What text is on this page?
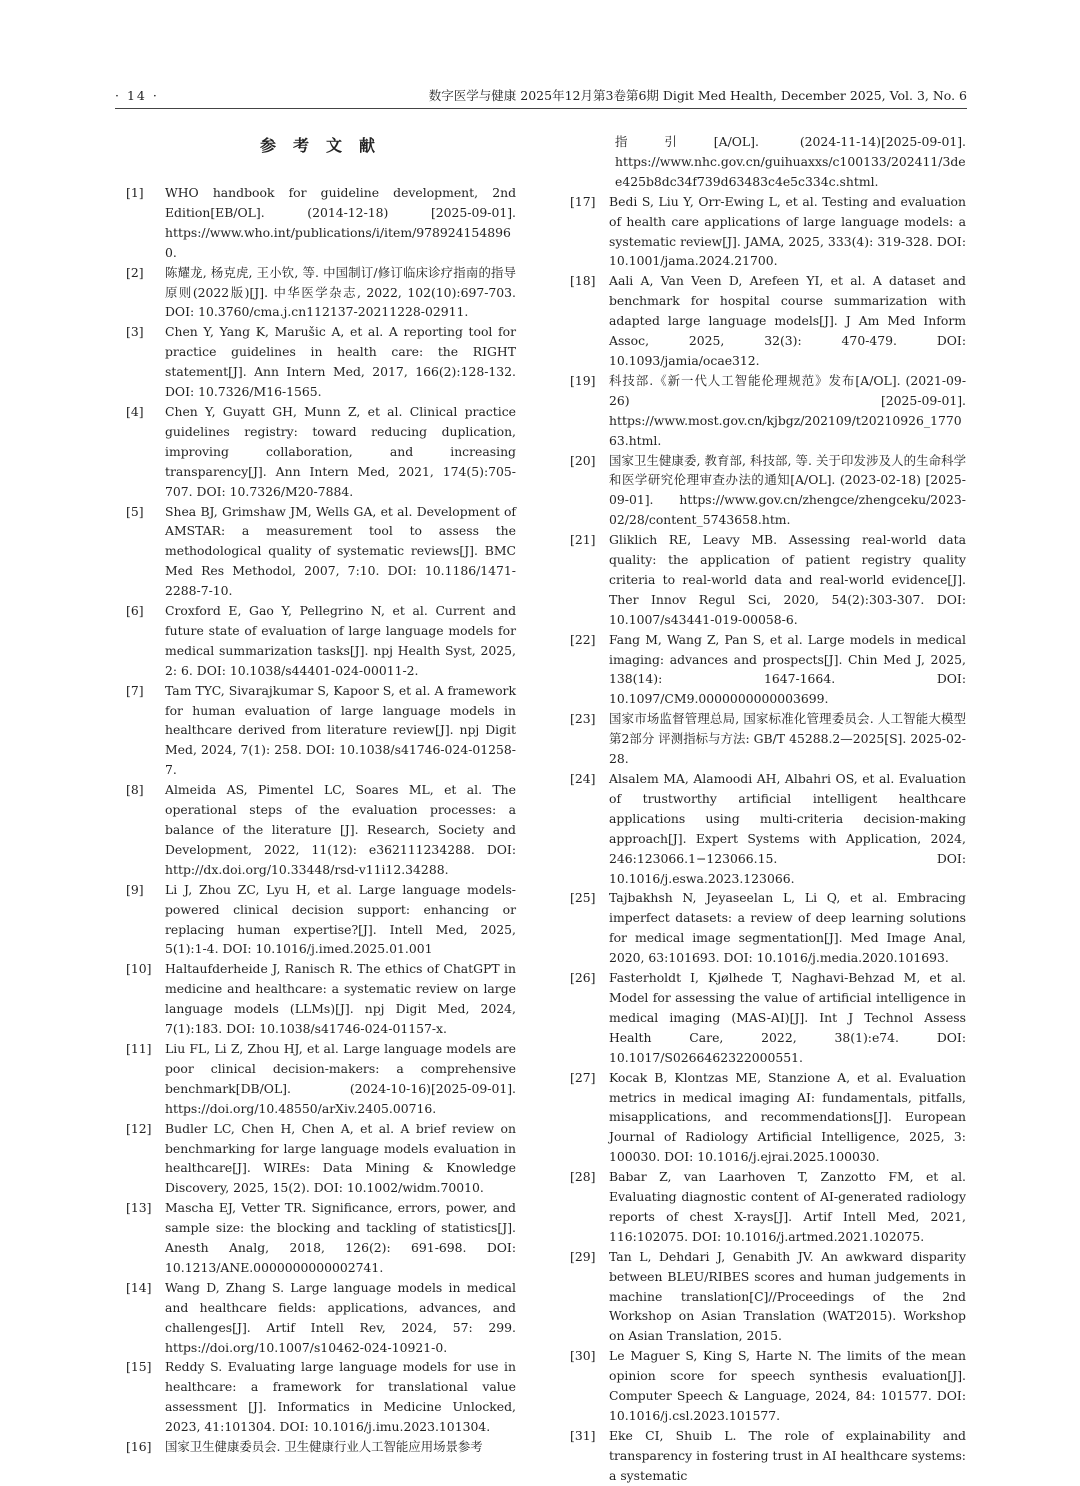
· 14 ·	数字医学与健康 2025年12月第3卷第6期 Digit Med Health, December 2025, Vol. 3, No. 6
参考文献
[1]	WHO handbook for guideline development, 2nd Edition[EB/OL]. (2014-12-18) [2025-09-01]. https://www.who.int/publications/i/item/9789241548960.
[2]	陈耀龙, 杨克虎, 王小钦, 等. 中国制订/修订临床诊疗指南的指导原则(2022版)[J]. 中华医学杂志, 2022, 102(10):697-703. DOI: 10.3760/cma.j.cn112137-20211228-02911.
[3]	Chen Y, Yang K, Marušic A, et al. A reporting tool for practice guidelines in health care: the RIGHT statement[J]. Ann Intern Med, 2017, 166(2):128-132. DOI: 10.7326/M16-1565.
[4]	Chen Y, Guyatt GH, Munn Z, et al. Clinical practice guidelines registry: toward reducing duplication, improving collaboration, and increasing transparency[J]. Ann Intern Med, 2021, 174(5):705-707. DOI: 10.7326/M20-7884.
[5]	Shea BJ, Grimshaw JM, Wells GA, et al. Development of AMSTAR: a measurement tool to assess the methodological quality of systematic reviews[J]. BMC Med Res Methodol, 2007, 7:10. DOI: 10.1186/1471-2288-7-10.
[6]	Croxford E, Gao Y, Pellegrino N, et al. Current and future state of evaluation of large language models for medical summarization tasks[J]. npj Health Syst, 2025, 2: 6. DOI: 10.1038/s44401-024-00011-2.
[7]	Tam TYC, Sivarajkumar S, Kapoor S, et al. A framework for human evaluation of large language models in healthcare derived from literature review[J]. npj Digit Med, 2024, 7(1): 258. DOI: 10.1038/s41746-024-01258-7.
[8]	Almeida AS, Pimentel LC, Soares ML, et al. The operational steps of the evaluation processes: a balance of the literature [J]. Research, Society and Development, 2022, 11(12): e362111234288. DOI: http://dx.doi.org/10.33448/rsd-v11i12.34288.
[9]	Li J, Zhou ZC, Lyu H, et al. Large language models-powered clinical decision support: enhancing or replacing human expertise?[J]. Intell Med, 2025, 5(1):1-4. DOI: 10.1016/j.imed.2025.01.001
[10]	Haltaufderheide J, Ranisch R. The ethics of ChatGPT in medicine and healthcare: a systematic review on large language models (LLMs)[J]. npj Digit Med, 2024, 7(1):183. DOI: 10.1038/s41746-024-01157-x.
[11]	Liu FL, Li Z, Zhou HJ, et al. Large language models are poor clinical decision-makers: a comprehensive benchmark[DB/OL]. (2024-10-16)[2025-09-01]. https://doi.org/10.48550/arXiv.2405.00716.
[12]	Budler LC, Chen H, Chen A, et al. A brief review on benchmarking for large language models evaluation in healthcare[J]. WIREs: Data Mining & Knowledge Discovery, 2025, 15(2). DOI: 10.1002/widm.70010.
[13]	Mascha EJ, Vetter TR. Significance, errors, power, and sample size: the blocking and tackling of statistics[J]. Anesth Analg, 2018, 126(2): 691-698. DOI: 10.1213/ANE.0000000000002741.
[14]	Wang D, Zhang S. Large language models in medical and healthcare fields: applications, advances, and challenges[J]. Artif Intell Rev, 2024, 57: 299. https://doi.org/10.1007/s10462-024-10921-0.
[15]	Reddy S. Evaluating large language models for use in healthcare: a framework for translational value assessment [J]. Informatics in Medicine Unlocked, 2023, 41:101304. DOI: 10.1016/j.imu.2023.101304.
[16]	国家卫生健康委员会. 卫生健康行业人工智能应用场景参考
指引[A/OL]. (2024-11-14)[2025-09-01]. https://www.nhc.gov.cn/guihuaxxs/c100133/202411/3dee425b8dc34f739d63483c4e5c334c.shtml.
[17]	Bedi S, Liu Y, Orr-Ewing L, et al. Testing and evaluation of health care applications of large language models: a systematic review[J]. JAMA, 2025, 333(4): 319-328. DOI: 10.1001/jama.2024.21700.
[18]	Aali A, Van Veen D, Arefeen YI, et al. A dataset and benchmark for hospital course summarization with adapted large language models[J]. J Am Med Inform Assoc, 2025, 32(3): 470-479. DOI: 10.1093/jamia/ocae312.
[19]	科技部.《新一代人工智能伦理规范》发布[A/OL]. (2021-09-26) [2025-09-01]. https://www.most.gov.cn/kjbgz/202109/t20210926_177063.html.
[20]	国家卫生健康委, 教育部, 科技部, 等. 关于印发涉及人的生命科学和医学研究伦理审查办法的通知[A/OL]. (2023-02-18) [2025-09-01]. https://www.gov.cn/zhengce/zhengceku/2023-02/28/content_5743658.htm.
[21]	Gliklich RE, Leavy MB. Assessing real-world data quality: the application of patient registry quality criteria to real-world data and real-world evidence[J]. Ther Innov Regul Sci, 2020, 54(2):303-307. DOI: 10.1007/s43441-019-00058-6.
[22]	Fang M, Wang Z, Pan S, et al. Large models in medical imaging: advances and prospects[J]. Chin Med J, 2025, 138(14): 1647-1664. DOI: 10.1097/CM9.0000000000003699.
[23]	国家市场监督管理总局, 国家标准化管理委员会. 人工智能大模型第2部分 评测指标与方法: GB/T 45288.2—2025[S]. 2025-02-28.
[24]	Alsalem MA, Alamoodi AH, Albahri OS, et al. Evaluation of trustworthy artificial intelligent healthcare applications using multi-criteria decision-making approach[J]. Expert Systems with Application, 2024, 246:123066.1−123066.15. DOI: 10.1016/j.eswa.2023.123066.
[25]	Tajbakhsh N, Jeyaseelan L, Li Q, et al. Embracing imperfect datasets: a review of deep learning solutions for medical image segmentation[J]. Med Image Anal, 2020, 63:101693. DOI: 10.1016/j.media.2020.101693.
[26]	Fasterholdt I, Kjølhede T, Naghavi-Behzad M, et al. Model for assessing the value of artificial intelligence in medical imaging (MAS-AI)[J]. Int J Technol Assess Health Care, 2022, 38(1):e74. DOI: 10.1017/S0266462322000551.
[27]	Kocak B, Klontzas ME, Stanzione A, et al. Evaluation metrics in medical imaging AI: fundamentals, pitfalls, misapplications, and recommendations[J]. European Journal of Radiology Artificial Intelligence, 2025, 3: 100030. DOI: 10.1016/j.ejrai.2025.100030.
[28]	Babar Z, van Laarhoven T, Zanzotto FM, et al. Evaluating diagnostic content of AI-generated radiology reports of chest X-rays[J]. Artif Intell Med, 2021, 116:102075. DOI: 10.1016/j.artmed.2021.102075.
[29]	Tan L, Dehdari J, Genabith JV. An awkward disparity between BLEU/RIBES scores and human judgements in machine translation[C]//Proceedings of the 2nd Workshop on Asian Translation (WAT2015). Workshop on Asian Translation, 2015.
[30]	Le Maguer S, King S, Harte N. The limits of the mean opinion score for speech synthesis evaluation[J]. Computer Speech & Language, 2024, 84: 101577. DOI: 10.1016/j.csl.2023.101577.
[31]	Eke CI, Shuib L. The role of explainability and transparency in fostering trust in AI healthcare systems: a systematic
